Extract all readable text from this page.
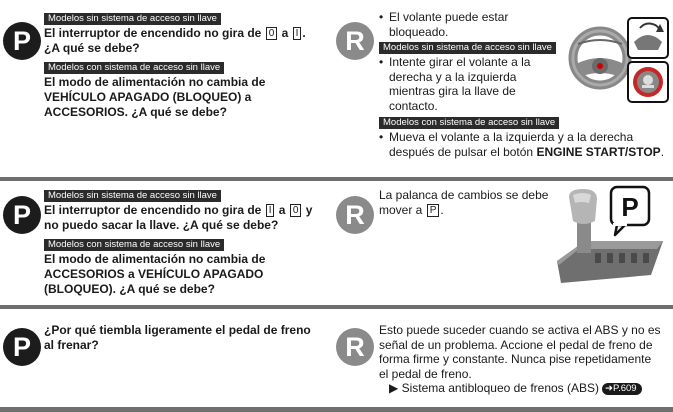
P
Modelos sin sistema de acceso sin llave
El interruptor de encendido no gira de 0 a I .
¿A qué se debe?
Modelos con sistema de acceso sin llave
El modo de alimentación no cambia de
VEHÍCULO APAGADO (BLOQUEO) a
ACCESORIOS. ¿A qué se debe?
R
• El volante puede estar
bloqueado.
Modelos sin sistema de acceso sin llave
• Intente girar el volante a la
derecha y a la izquierda
mientras gira la llave de
contacto.
Modelos con sistema de acceso sin llave
• Mueva el volante a la izquierda y a la derecha
después de pulsar el botón ENGINE START/STOP.
P
Modelos sin sistema de acceso sin llave
El interruptor de encendido no gira de I a 0 y
no puedo sacar la llave. ¿A qué se debe?
Modelos con sistema de acceso sin llave
El modo de alimentación no cambia de
ACCESORIOS a VEHÍCULO APAGADO
(BLOQUEO). ¿A qué se debe?
R
La palanca de cambios se debe
mover a P .	P
P
¿Por qué tiembla ligeramente el pedal de freno
al frenar?	R
Esto puede suceder cuando se activa el ABS y no es
señal de un problema. Accione el pedal de freno de
forma firme y constante. Nunca pise repetidamente
el pedal de freno.
▶ Sistema antibloqueo de frenos (ABS) ➜P.609
